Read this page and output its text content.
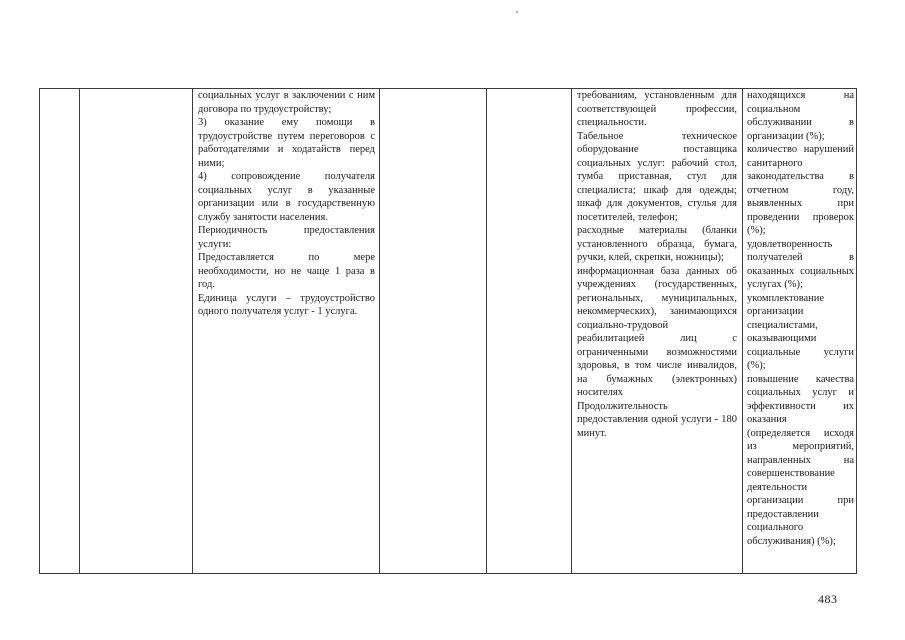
социальных услуг в заключении с ним договора по трудоустройству;
3) оказание ему помощи в трудоустройстве путем переговоров с работодателями и ходатайств перед ними;
4) сопровождение получателя социальных услуг в указанные организации или в государственную службу занятости населения.
Периодичность предоставления услуги:
Предоставляется по мере необходимости, но не чаще 1 раза в год.
Единица услуги – трудоустройство одного получателя услуг - 1 услуга.
требованиям, установленным для соответствующей профессии, специальности.
Табельное техническое оборудование поставщика социальных услуг: рабочий стол, тумба приставная, стул для специалиста; шкаф для одежды; шкаф для документов, стулья для посетителей, телефон;
расходные материалы (бланки установленного образца, бумага, ручки, клей, скрепки, ножницы);
информационная база данных об учреждениях (государственных, региональных, муниципальных, некоммерческих), занимающихся социально-трудовой реабилитацией лиц с ограниченными возможностями здоровья, в том числе инвалидов, на бумажных (электронных) носителях
Продолжительность предоставления одной услуги - 180 минут.
находящихся на социальном обслуживании в организации (%);
количество нарушений санитарного законодательства в отчетном году, выявленных при проведении проверок (%);
удовлетворенность получателей в оказанных социальных услугах (%);
укомплектование организации специалистами, оказывающими социальные услуги (%);
повышение качества социальных услуг и эффективности их оказания
(определяется исходя из мероприятий, направленных на совершенствование деятельности организации при предоставлении социального обслуживания) (%);
483
